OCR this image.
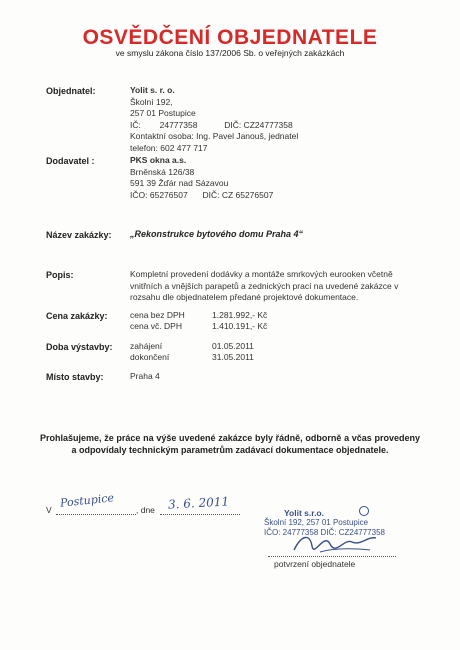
OSVĚDČENÍ OBJEDNATELE
ve smyslu zákona číslo 137/2006 Sb. o veřejných zakázkách
Objednatel:	Yolit s. r. o.
Školní 192,
257 01 Postupice
IČ: 24777358	DIČ: CZ24777358
Kontaktní osoba: Ing. Pavel Janouš, jednatel
telefon: 602 477 717
Dodavatel :	PKS okna a.s.
Brněnská 126/38
591 39 Žďár nad Sázavou
IČO: 65276507 DIČ: CZ 65276507
Název zakázky: „Rekonstrukce bytového domu Praha 4“
Popis:	Kompletní provedení dodávky a montáže smrkových eurooken včetně vnitřních a vnějších parapetů a zednických prací na uvedené zakázce v rozsahu dle objednatelem předané projektové dokumentace.
Cena zakázky:	cena bez DPH	1.281.992,- Kč
cena vč. DPH	1.410.191,- Kč
Doba výstavby: zahájení	01.05.2011
dokončení	31.05.2011
Místo stavby:	Praha 4
Prohlašujeme, že práce na výše uvedené zakázce byly řádně, odborně a včas provedeny a odpovídaly technickým parametrům zadávací dokumentace objednatele.
V
Postupice
, dne 3. 6. 2011
Yolit s.r.o.
Školní 192, 257 01 Postupice
IČO: 24777358 DIČ: CZ24777358
potvrzení objednatele
